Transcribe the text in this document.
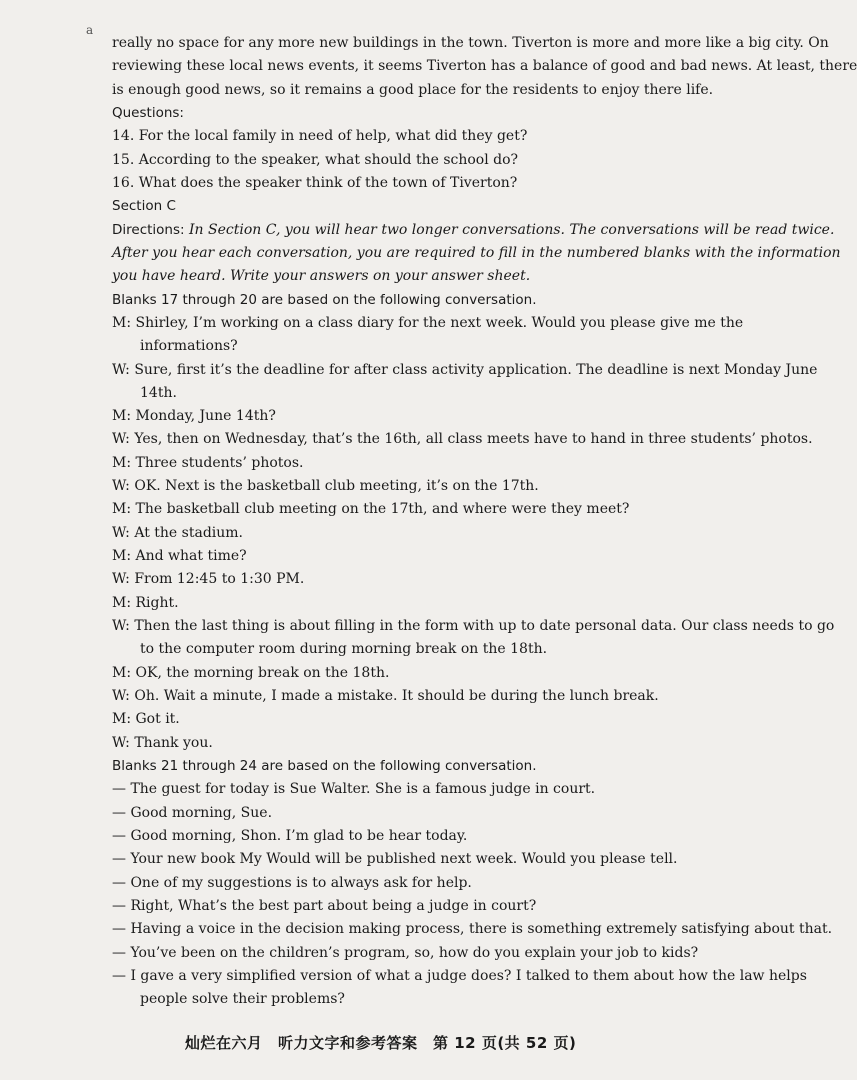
really no space for any more new buildings in the town. Tiverton is more and more like a big city. On
reviewing these local news events, it seems Tiverton has a balance of good and bad news. At least, there
is enough good news, so it remains a good place for the residents to enjoy there life.
Questions:
14. For the local family in need of help, what did they get?
15. According to the speaker, what should the school do?
16. What does the speaker think of the town of Tiverton?
Section C
Directions: In Section C, you will hear two longer conversations. The conversations will be read twice.
After you hear each conversation, you are required to fill in the numbered blanks with the information
you have heard. Write your answers on your answer sheet.
Blanks 17 through 20 are based on the following conversation.
M: Shirley, I’m working on a class diary for the next week. Would you please give me the
informations?
W: Sure, first it’s the deadline for after class activity application. The deadline is next Monday June
14th.
M: Monday, June 14th?
W: Yes, then on Wednesday, that’s the 16th, all class meets have to hand in three students’ photos.
M: Three students’ photos.
W: OK. Next is the basketball club meeting, it’s on the 17th.
M: The basketball club meeting on the 17th, and where were they meet?
W: At the stadium.
M: And what time?
W: From 12:45 to 1:30 PM.
M: Right.
W: Then the last thing is about filling in the form with up to date personal data. Our class needs to go
to the computer room during morning break on the 18th.
M: OK, the morning break on the 18th.
W: Oh. Wait a minute, I made a mistake. It should be during the lunch break.
M: Got it.
W: Thank you.
Blanks 21 through 24 are based on the following conversation.
— The guest for today is Sue Walter. She is a famous judge in court.
— Good morning, Sue.
— Good morning, Shon. I’m glad to be hear today.
— Your new book My Would will be published next week. Would you please tell.
— One of my suggestions is to always ask for help.
— Right, What’s the best part about being a judge in court?
— Having a voice in the decision making process, there is something extremely satisfying about that.
— You’ve been on the children’s program, so, how do you explain your job to kids?
— I gave a very simplified version of what a judge does? I talked to them about how the law helps
people solve their problems?
a
灿烂在六月　听力文字和参考答案　第 12 页(共 52 页)
